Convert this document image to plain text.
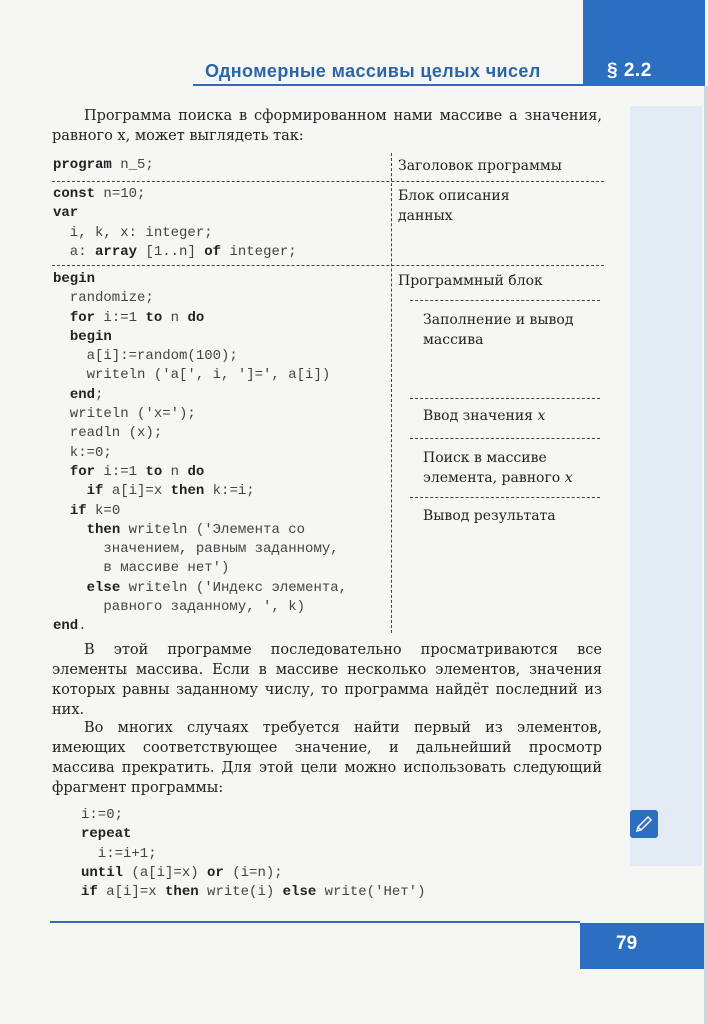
§ 2.2
Одномерные массивы целых чисел
Программа поиска в сформированном нами массиве a значения, равного x, может выглядеть так:
program n_5;	Заголовок программы
const n=10;
var
i, k, x: integer;
a: array [1..n] of integer;
Блок описания данных
begin
randomize;
for i:=1 to n do
begin
a[i]:=random(100);
writeln ('a[', i, ']=', a[i])
end;
writeln ('x=');
readln (x);
k:=0;
for i:=1 to n do
if a[i]=x then k:=i;
if k=0
then writeln ('Элемента со
значением, равным заданному,
в массиве нет')
else writeln ('Индекс элемента,
равного заданному, ', k)
end.
Программный блок
Заполнение и вывод массива
Ввод значения x
Поиск в массиве элемента, равного x
Вывод результата
В этой программе последовательно просматриваются все элементы массива. Если в массиве несколько элементов, значения которых равны заданному числу, то программа найдёт последний из них.
Во многих случаях требуется найти первый из элементов, имеющих соответствующее значение, и дальнейший просмотр массива прекратить. Для этой цели можно использовать следующий фрагмент программы:
i:=0;
repeat
i:=i+1;
until (a[i]=x) or (i=n);
if a[i]=x then write(i) else write('Нет')
79
